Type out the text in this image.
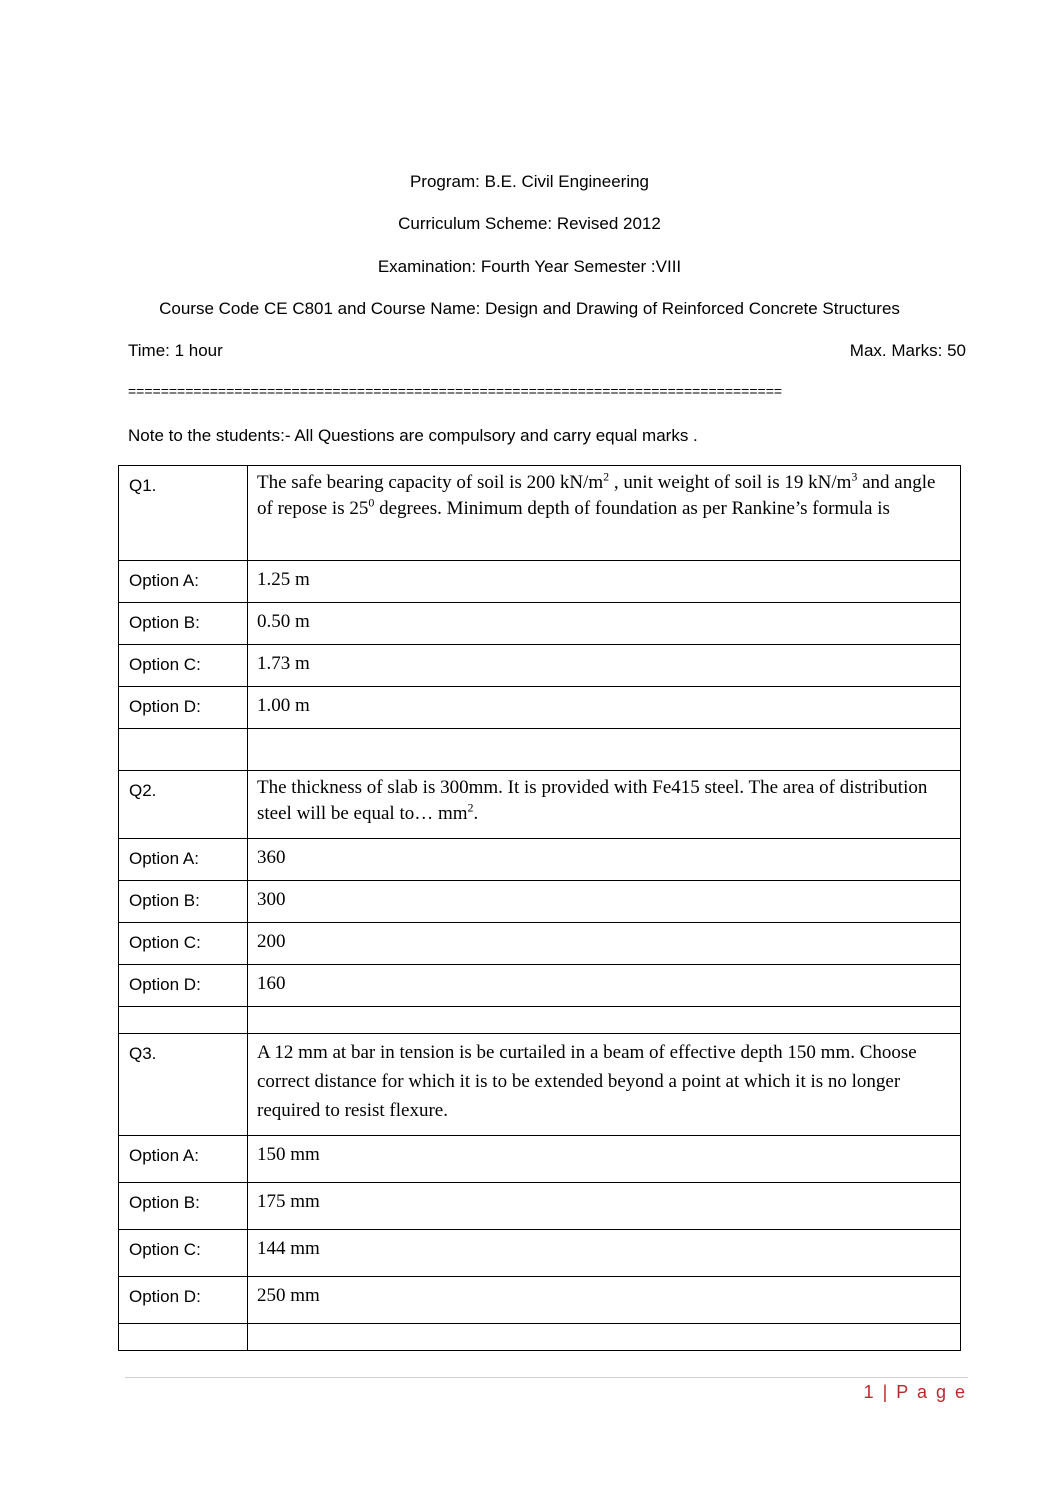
Program: B.E. Civil Engineering
Curriculum Scheme: Revised 2012
Examination: Fourth Year Semester :VIII
Course Code CE C801 and Course Name: Design and Drawing of Reinforced Concrete Structures
Time: 1 hour	Max. Marks: 50
================================================================================
Note to the students:- All Questions are compulsory and carry equal marks .
Q1.	The safe bearing capacity of soil is 200 $kN/m^2$ , unit weight of soil is 19 $kN/m^3$ and angle of repose is $25^0$ degrees. Minimum depth of foundation as per Rankine’s formula is
Option A:	1.25 m
Option B:	0.50 m
Option C:	1.73 m
Option D:	1.00 m

Q2.	The thickness of slab is 300mm. It is provided with Fe415 steel. The area of distribution steel will be equal to… $mm^2$.
Option A:	360
Option B:	300
Option C:	200
Option D:	160

Q3.	A 12 mm at bar in tension is be curtailed in a beam of effective depth 150 mm. Choose correct distance for which it is to be extended beyond a point at which it is no longer required to resist flexure.
Option A:	150 mm
Option B:	175 mm
Option C:	144 mm
Option D:	250 mm

1 | P a g e
